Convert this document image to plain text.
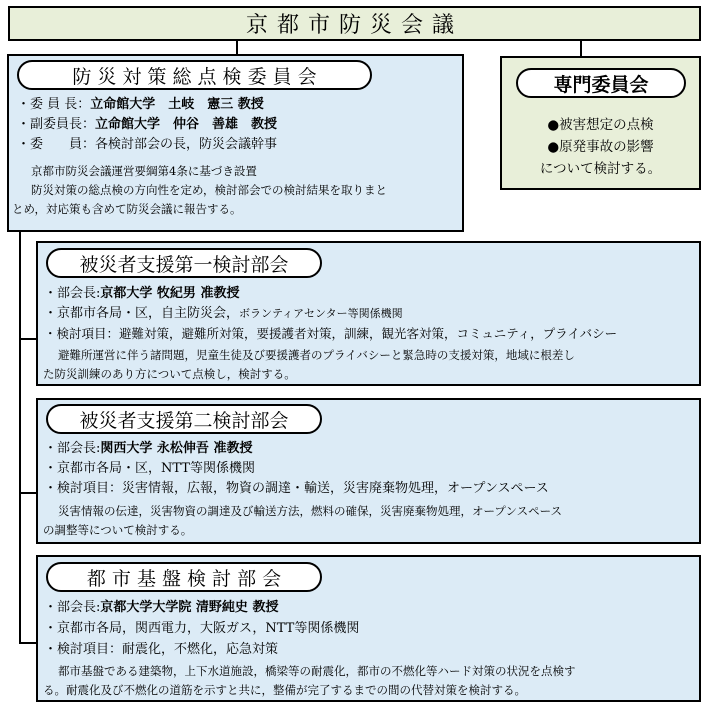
京都市防災会議
防 災 対 策 総 点 検 委 員 会
・委 員 長：立命館大学　土岐　憲三 教授
・副委員長：立命館大学　仲谷　善雄　教授
・委　　員：各検討部会の長，防災会議幹事
京都市防災会議運営要綱第4条に基づき設置
防災対策の総点検の方向性を定め，検討部会での検討結果を取りまと
とめ，対応策も含めて防災会議に報告する。
専門委員会
●被害想定の点検
●原発事故の影響
について検討する。
被災者支援第一検討部会
・部会長:京都大学 牧紀男 准教授
・京都市各局・区，自主防災会，ボランティアセンター等関係機関
・検討項目：避難対策，避難所対策，要援護者対策，訓練，観光客対策，コミュニティ，プライバシー
避難所運営に伴う諸問題，児童生徒及び要援護者のプライバシーと緊急時の支援対策，地域に根差し
た防災訓練のあり方について点検し，検討する。
被災者支援第二検討部会
・部会長:関西大学 永松伸吾 准教授
・京都市各局・区，NTT等関係機関
・検討項目：災害情報，広報，物資の調達・輸送，災害廃棄物処理，オープンスペース
災害情報の伝達，災害物資の調達及び輸送方法，燃料の確保，災害廃棄物処理，オープンスペース
の調整等について検討する。
都 市 基 盤 検 討 部 会
・部会長:京都大学大学院 清野純史 教授
・京都市各局，関西電力，大阪ガス，NTT等関係機関
・検討項目：耐震化，不燃化，応急対策
都市基盤である建築物，上下水道施設，橋梁等の耐震化，都市の不燃化等ハード対策の状況を点検す
る。耐震化及び不燃化の道筋を示すと共に，整備が完了するまでの間の代替対策を検討する。
